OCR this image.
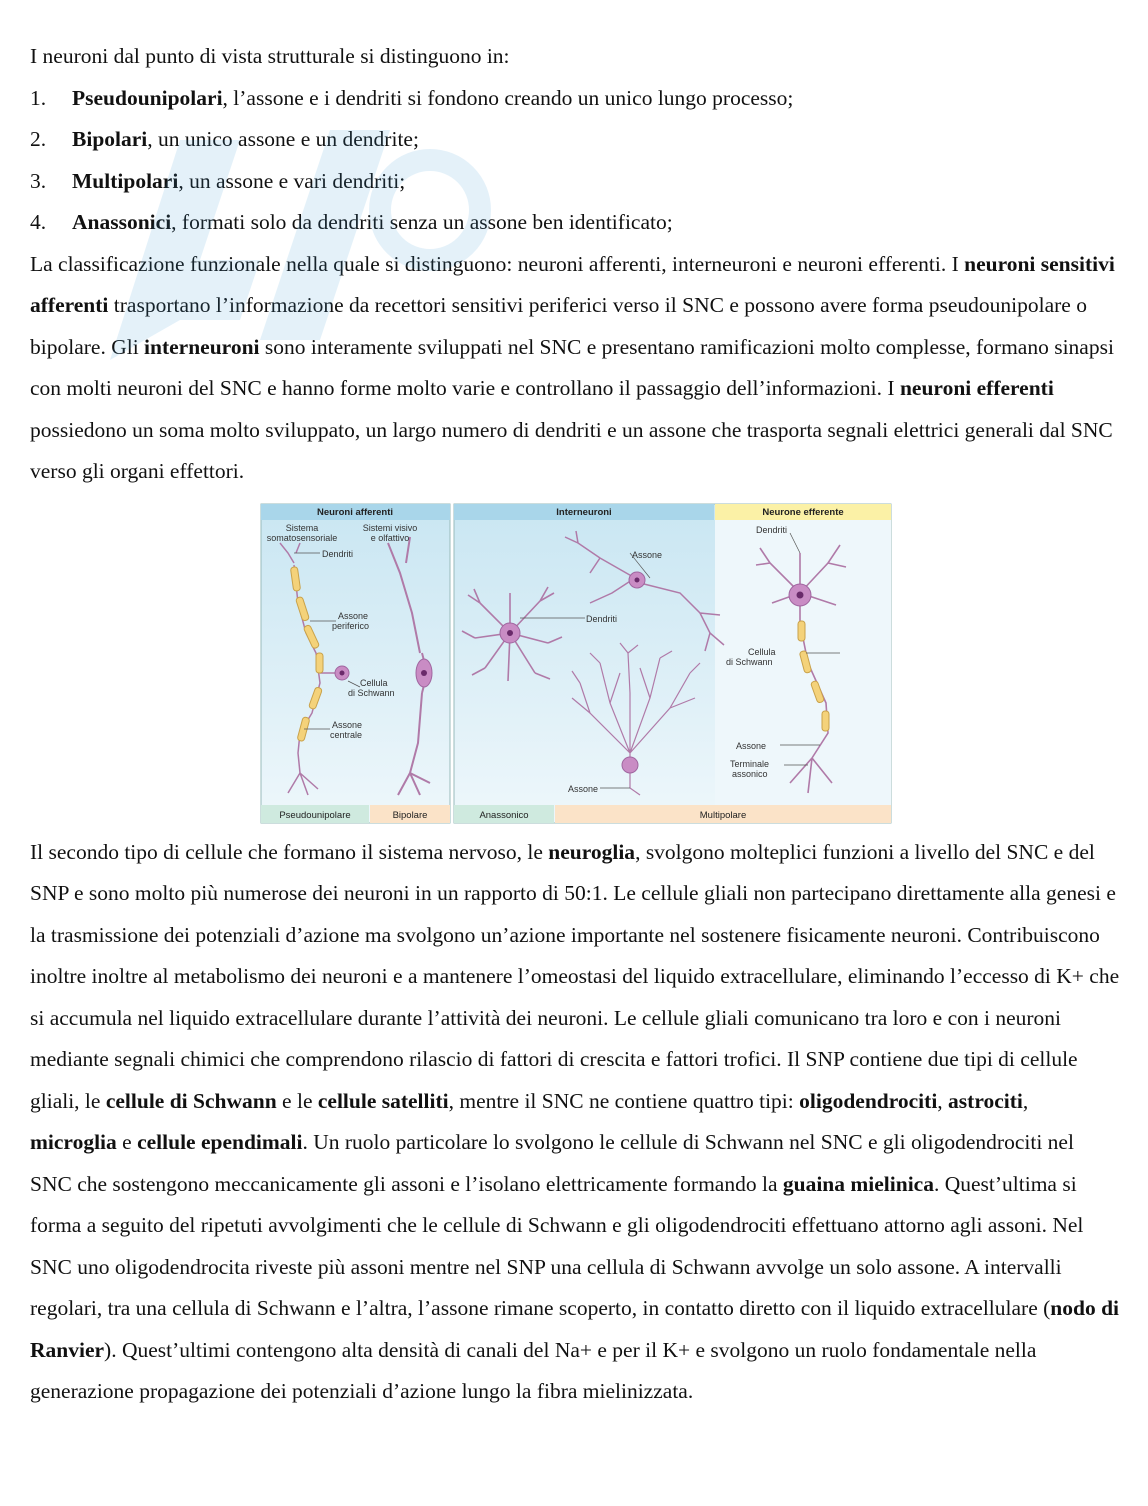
I neuroni dal punto di vista strutturale si distinguono in:

1.	Pseudounipolari, l’assone e i dendriti si fondono creando un unico lungo processo;
2.	Bipolari, un unico assone e un dendrite;
3.	Multipolari, un assone e vari dendriti;
4.	Anassonici, formati solo da dendriti senza un assone ben identificato;

La classificazione funzionale nella quale si distinguono: neuroni afferenti, interneuroni e neuroni efferenti. I neuroni sensitivi afferenti trasportano l’informazione da recettori sensitivi periferici verso il SNC e possono avere forma pseudounipolare o bipolare. Gli interneuroni sono interamente sviluppati nel SNC e presentano ramificazioni molto complesse, formano sinapsi con molti neuroni del SNC e hanno forme molto varie e controllano il passaggio dell’informazioni. I neuroni efferenti possiedono un soma molto sviluppato, un largo numero di dendriti e un assone che trasporta segnali elettrici generali dal SNC verso gli organi effettori.

Neuroni afferenti	Interneuroni	Neurone efferente
Pseudounipolare	Bipolare	Anassonico	Multipolare
Sistema
somatosensoriale
Sistemi visivo
e olfattivo
Dendriti
Assone
periferico
Cellula
di Schwann
Assone
centrale
Assone
Dendriti
Assone
Dendriti
Cellula
di Schwann
Assone
Terminale
assonico

Il secondo tipo di cellule che formano il sistema nervoso, le neuroglia, svolgono molteplici funzioni a livello del SNC e del SNP e sono molto più numerose dei neuroni in un rapporto di 50:1. Le cellule gliali non partecipano direttamente alla genesi e la trasmissione dei potenziali d’azione ma svolgono un’azione importante nel sostenere fisicamente neuroni. Contribuiscono inoltre inoltre al metabolismo dei neuroni e a mantenere l’omeostasi del liquido extracellulare, eliminando l’eccesso di K+ che si accumula nel liquido extracellulare durante l’attività dei neuroni. Le cellule gliali comunicano tra loro e con i neuroni mediante segnali chimici che comprendono rilascio di fattori di crescita e fattori trofici. Il SNP contiene due tipi di cellule gliali, le cellule di Schwann e le cellule satelliti, mentre il SNC ne contiene quattro tipi: oligodendrociti, astrociti, microglia e cellule ependimali. Un ruolo particolare lo svolgono le cellule di Schwann nel SNC e gli oligodendrociti nel SNC che sostengono meccanicamente gli assoni e l’isolano elettricamente formando la guaina mielinica. Quest’ultima si forma a seguito del ripetuti avvolgimenti che le cellule di Schwann e gli oligodendrociti effettuano attorno agli assoni. Nel SNC uno oligodendrocita riveste più assoni mentre nel SNP una cellula di Schwann avvolge un solo assone. A intervalli regolari, tra una cellula di Schwann e l’altra, l’assone rimane scoperto, in contatto diretto con il liquido extracellulare (nodo di Ranvier). Quest’ultimi contengono alta densità di canali del Na+ e per il K+ e svolgono un ruolo fondamentale nella generazione propagazione dei potenziali d’azione lungo la fibra mielinizzata.
